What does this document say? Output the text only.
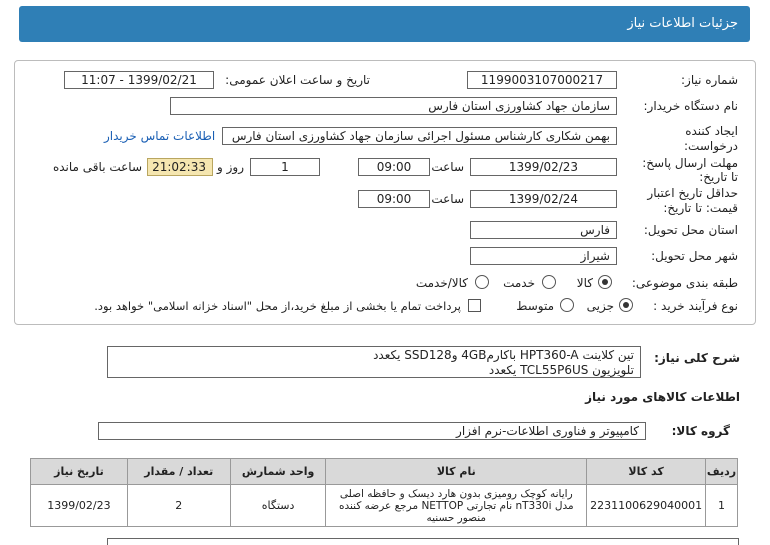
جزئیات اطلاعات نیاز
شماره نیاز:
1199003107000217
تاریخ و ساعت اعلان عمومی:
1399/02/21 - 11:07
نام دستگاه خریدار:
سازمان جهاد کشاورزی استان فارس
ایجاد کننده
درخواست:
بهمن شکاری کارشناس مسئول اجرائی سازمان جهاد کشاورزی استان فارس
اطلاعات تماس خریدار
مهلت ارسال پاسخ:
تا تاریخ:
1399/02/23
ساعت
09:00
1
روز و
21:02:33
ساعت باقی مانده
حداقل تاریخ اعتبار
قیمت: تا تاریخ:
1399/02/24
ساعت
09:00
استان محل تحویل:
فارس
شهر محل تحویل:
شیراز
طبقه بندی موضوعی:
کالا
خدمت
کالا/خدمت
نوع فرآیند خرید :
جزیی
متوسط
پرداخت تمام یا بخشی از مبلغ خرید،از محل "اسناد خزانه اسلامی" خواهد بود.
شرح کلی نیاز:
تین کلاینت HPT360-A باکارم4GB وSSD128 یکعدد
تلویزیون TCL55P6US یکعدد
اطلاعات کالاهای مورد نیاز
گروه کالا:
کامپیوتر و فناوری اطلاعات-نرم افزار
ردیف	کد کالا	نام کالا	واحد شمارش	تعداد / مقدار	تاریخ نیاز
1	2231100629040001	رایانه کوچک رومیزی بدون هارد دیسک و حافظه اصلی مدل nT330i نام تجارتی NETTOP مرجع عرضه کننده منصور حسنیه	دستگاه	2	1399/02/23
